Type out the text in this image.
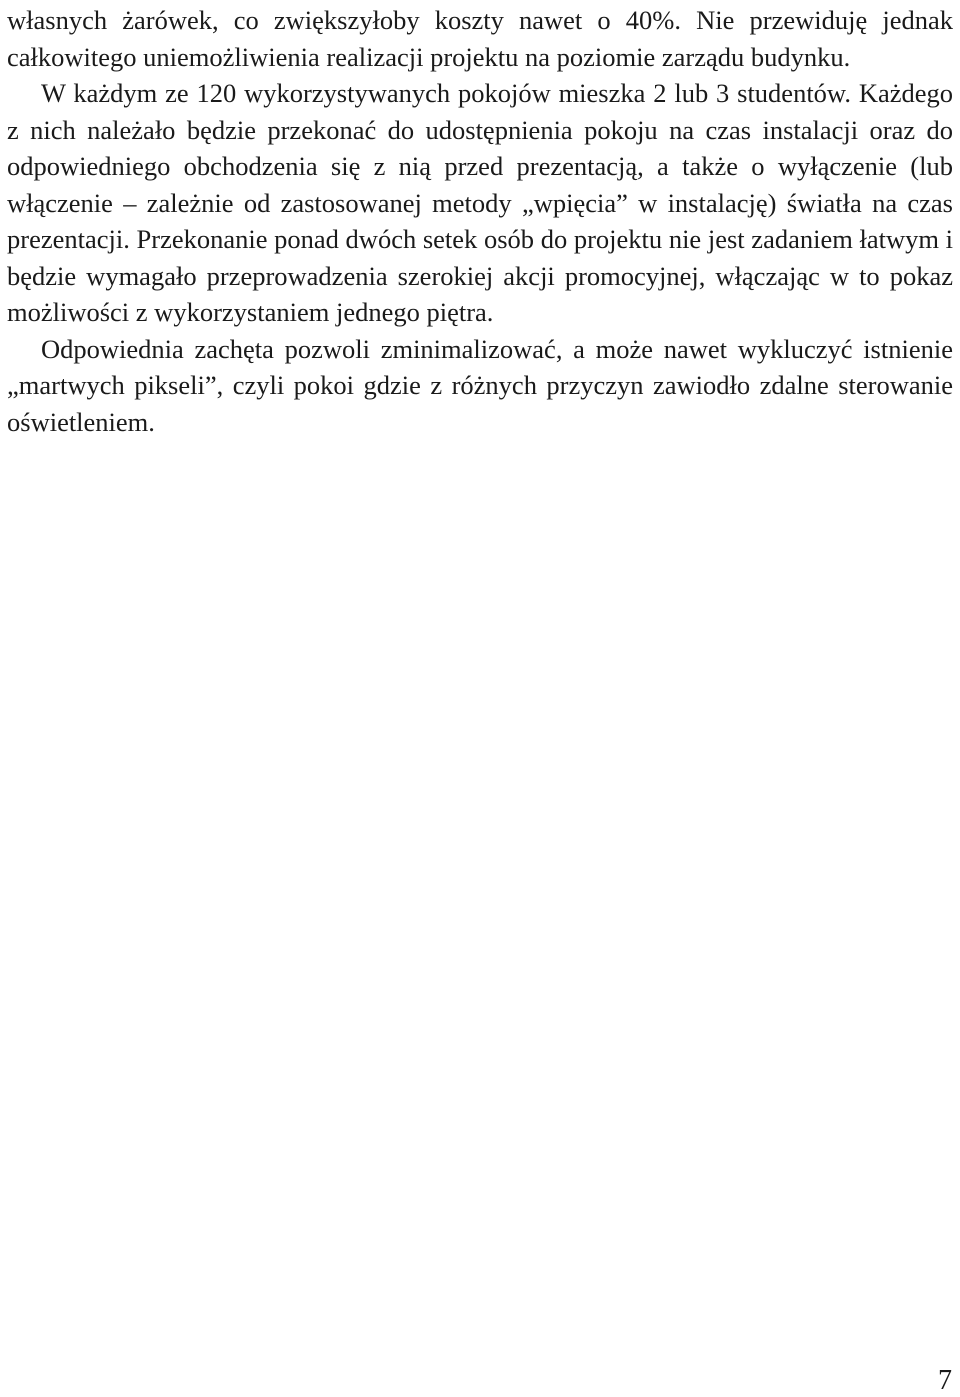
własnych żarówek, co zwiększyłoby koszty nawet o 40%. Nie przewiduję jednak całkowitego uniemożliwienia realizacji projektu na poziomie zarządu budynku.

W każdym ze 120 wykorzystywanych pokojów mieszka 2 lub 3 studentów. Każdego z nich należało będzie przekonać do udostępnienia pokoju na czas instalacji oraz do odpowiedniego obchodzenia się z nią przed prezentacją, a także o wyłączenie (lub włączenie – zależnie od zastosowanej metody „wpięcia” w instalację) światła na czas prezentacji. Przekonanie ponad dwóch setek osób do projektu nie jest zadaniem łatwym i będzie wymagało przeprowadzenia szerokiej akcji promocyjnej, włączając w to pokaz możliwości z wykorzystaniem jednego piętra.

Odpowiednia zachęta pozwoli zminimalizować, a może nawet wykluczyć istnienie „martwych pikseli”, czyli pokoi gdzie z różnych przyczyn zawiodło zdalne sterowanie oświetleniem.

7
